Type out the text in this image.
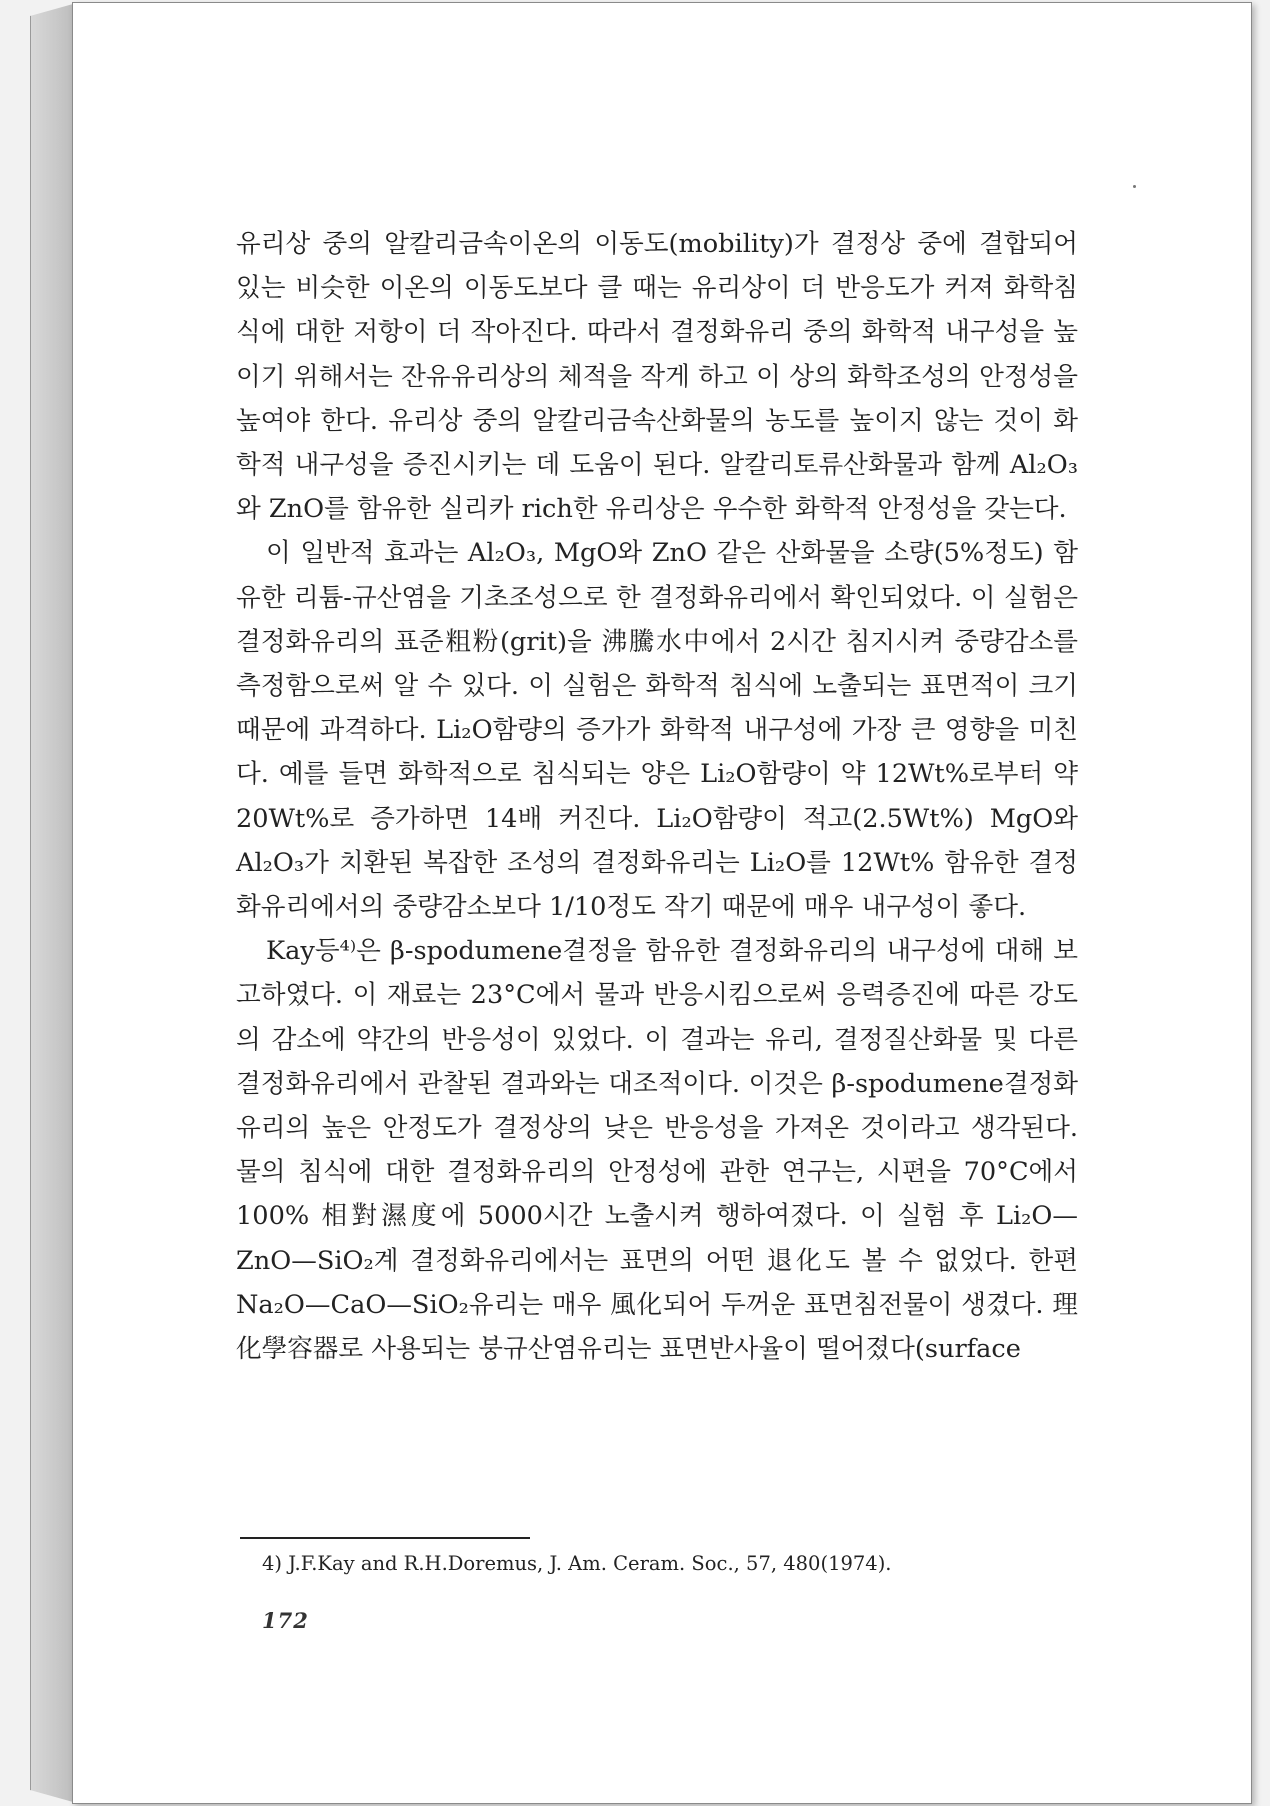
유리상 중의 알칼리금속이온의 이동도(mobility)가 결정상 중에 결합되어 있는 비슷한 이온의 이동도보다 클 때는 유리상이 더 반응도가 커져 화학침식에 대한 저항이 더 작아진다. 따라서 결정화유리 중의 화학적 내구성을 높이기 위해서는 잔유유리상의 체적을 작게 하고 이 상의 화학조성의 안정성을 높여야 한다. 유리상 중의 알칼리금속산화물의 농도를 높이지 않는 것이 화학적 내구성을 증진시키는 데 도움이 된다. 알칼리토류산화물과 함께 Al₂O₃와 ZnO를 함유한 실리카 rich한 유리상은 우수한 화학적 안정성을 갖는다.

이 일반적 효과는 Al₂O₃, MgO와 ZnO 같은 산화물을 소량(5%정도) 함유한 리튬-규산염을 기초조성으로 한 결정화유리에서 확인되었다. 이 실험은 결정화유리의 표준粗粉(grit)을 沸騰水中에서 2시간 침지시켜 중량감소를 측정함으로써 알 수 있다. 이 실험은 화학적 침식에 노출되는 표면적이 크기 때문에 과격하다. Li₂O함량의 증가가 화학적 내구성에 가장 큰 영향을 미친다. 예를 들면 화학적으로 침식되는 양은 Li₂O함량이 약 12Wt%로부터 약 20Wt%로 증가하면 14배 커진다. Li₂O함량이 적고(2.5Wt%) MgO와 Al₂O₃가 치환된 복잡한 조성의 결정화유리는 Li₂O를 12Wt% 함유한 결정화유리에서의 중량감소보다 1/10정도 작기 때문에 매우 내구성이 좋다.

Kay등⁴⁾은 β-spodumene결정을 함유한 결정화유리의 내구성에 대해 보고하였다. 이 재료는 23°C에서 물과 반응시킴으로써 응력증진에 따른 강도의 감소에 약간의 반응성이 있었다. 이 결과는 유리, 결정질산화물 및 다른 결정화유리에서 관찰된 결과와는 대조적이다. 이것은 β-spodumene결정화유리의 높은 안정도가 결정상의 낮은 반응성을 가져온 것이라고 생각된다. 물의 침식에 대한 결정화유리의 안정성에 관한 연구는, 시편을 70°C에서 100% 相對濕度에 5000시간 노출시켜 행하여졌다. 이 실험 후 Li₂O—ZnO—SiO₂계 결정화유리에서는 표면의 어떤 退化도 볼 수 없었다. 한편 Na₂O—CaO—SiO₂유리는 매우 風化되어 두꺼운 표면침전물이 생겼다. 理化學容器로 사용되는 붕규산염유리는 표면반사율이 떨어졌다(surface

4) J.F.Kay and R.H.Doremus, J. Am. Ceram. Soc., 57, 480(1974).
172
